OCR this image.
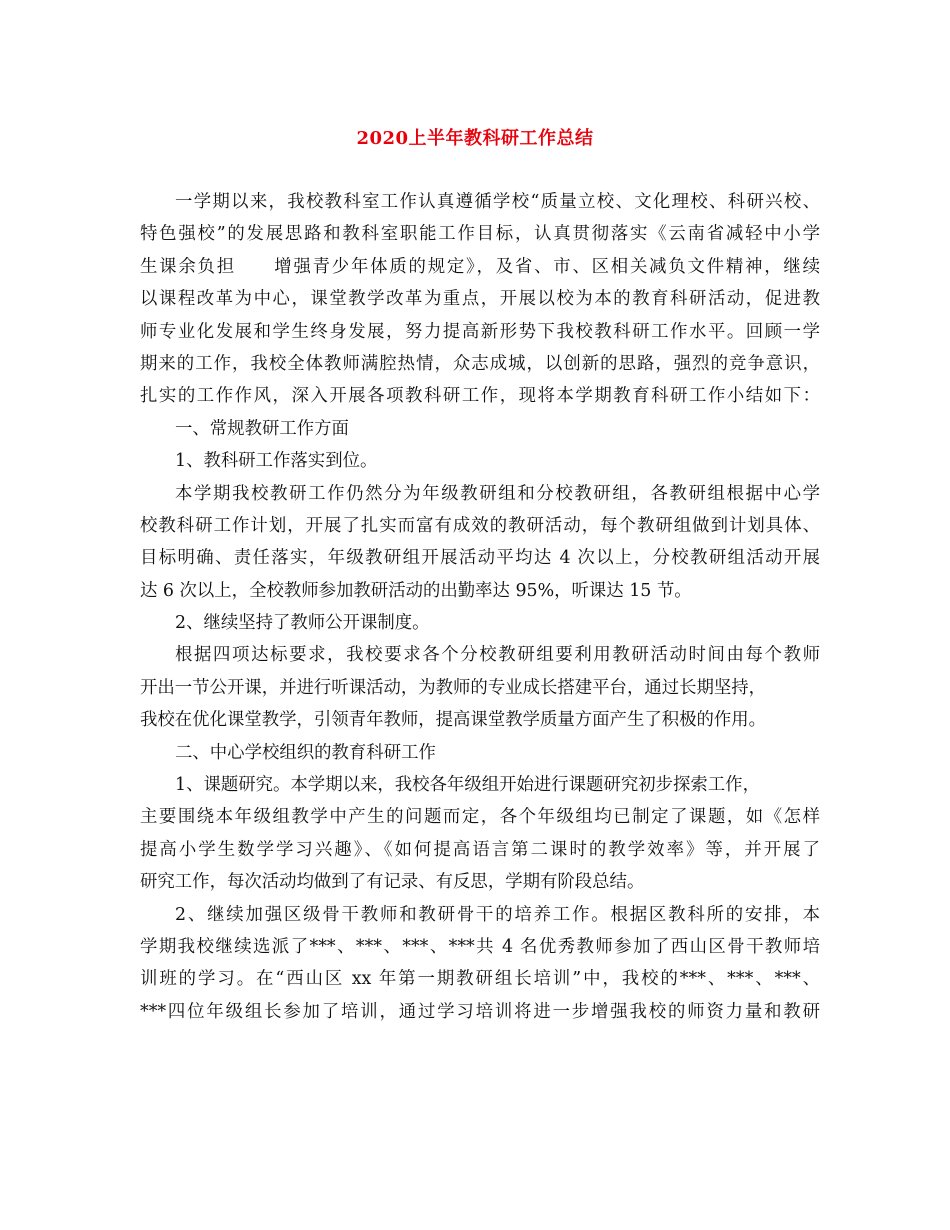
2020上半年教科研工作总结
一学期以来，我校教科室工作认真遵循学校“质量立校、文化理校、科研兴校、
特色强校”的发展思路和教科室职能工作目标，认真贯彻落实《云南省减轻中小学
生课余负担　　增强青少年体质的规定》，及省、市、区相关减负文件精神，继续
以课程改革为中心，课堂教学改革为重点，开展以校为本的教育科研活动，促进教
师专业化发展和学生终身发展，努力提高新形势下我校教科研工作水平。回顾一学
期来的工作，我校全体教师满腔热情，众志成城，以创新的思路，强烈的竞争意识，
扎实的工作作风，深入开展各项教科研工作，现将本学期教育科研工作小结如下：
一、常规教研工作方面
1、教科研工作落实到位。
本学期我校教研工作仍然分为年级教研组和分校教研组，各教研组根据中心学
校教科研工作计划，开展了扎实而富有成效的教研活动，每个教研组做到计划具体、
目标明确、责任落实，年级教研组开展活动平均达 4 次以上，分校教研组活动开展
达 6 次以上，全校教师参加教研活动的出勤率达 95%，听课达 15 节。
2、继续坚持了教师公开课制度。
根据四项达标要求，我校要求各个分校教研组要利用教研活动时间由每个教师
开出一节公开课，并进行听课活动，为教师的专业成长搭建平台，通过长期坚持，
我校在优化课堂教学，引领青年教师，提高课堂教学质量方面产生了积极的作用。
二、中心学校组织的教育科研工作
1、课题研究。本学期以来，我校各年级组开始进行课题研究初步探索工作，
主要围绕本年级组教学中产生的问题而定，各个年级组均已制定了课题，如《怎样
提高小学生数学学习兴趣》、《如何提高语言第二课时的教学效率》等，并开展了
研究工作，每次活动均做到了有记录、有反思，学期有阶段总结。
2、继续加强区级骨干教师和教研骨干的培养工作。根据区教科所的安排，本
学期我校继续选派了***、***、***、***共 4 名优秀教师参加了西山区骨干教师培
训班的学习。在“西山区 xx 年第一期教研组长培训”中，我校的***、***、***、
***四位年级组长参加了培训，通过学习培训将进一步增强我校的师资力量和教研
